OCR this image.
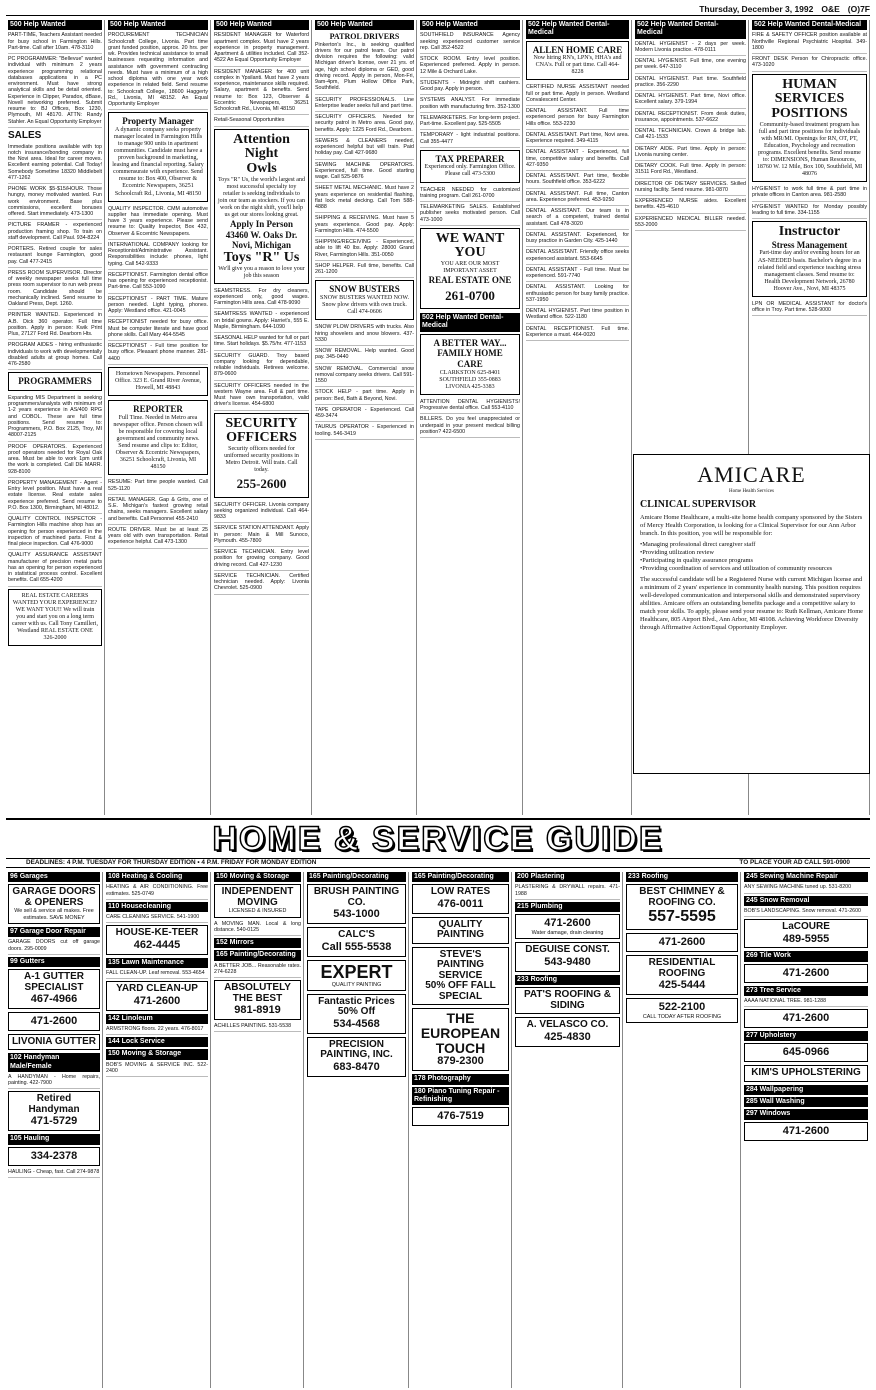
Thursday, December 3, 1992 O&E (O)7F
500 Help Wanted
PART-TIME, Teachers Assistant needed for busy school in Farmington Hills. Part-time. Call after 10am. 478-3110
PC PROGRAMMER: "Bellevue" wanted individual with minimum 2 years experience programming relational databases applications in a PC environment. Must have strong analytical skills and be detail oriented. Experience in Clipper, Paradox, dBase, Novell networking preferred. Submit resume to: BJ Offices, Box 1230, Plymouth, MI 48170. ATTN: Randy Stahler. An Equal Opportunity Employer
SALES
Immediate positions available with top notch insurance/bonding company in the Novi area. Ideal for career moves. Excellent earning potential. Call Today! Somebody Sometime 18320 Middlebelt 477-1262
PHONE WORK $5-$15/HOUR. Those hungry, money motivated wanted. Fun work environment. Base plus commissions, excellent bonuses offered. Start immediately. 473-1300
PICTURE FRAMER - experienced production framing shop. To train on staff development. Call Paul. 934-8224
PORTERS. Retired couple for sales restaurant lounge Farmington, good pay. Call 477-2415
PRESS ROOM SUPERVISOR. Director of weekly newspaper seeks full time press room supervisor to run web press room. Candidate should be mechanically inclined. Send resume to Oakland Press, Dept. 1260.
PRINTER WANTED. Experienced in A.B. Dick 360 operator. Full time position. Apply in person: Kwik Print Plus, 27127 Ford Rd. Dearborn Hts.
PROGRAM AIDES - hiring enthusiastic individuals to work with developmentally disabled adults at group homes. Call 476-2580
PROGRAMMERS
Expanding MIS Department is seeking programmers/analysts with minimum of 1-2 years experience in AS/400 RPG and COBOL. These are full time positions. Send resume to: Programmers, P.O. Box 2125, Troy, MI 48007-2125
PROOF OPERATORS. Experienced proof operators needed for Royal Oak area. Must be able to work 1pm until the work is completed. Call DE MARR. 928-8100
PROPERTY MANAGEMENT - Agent - Entry level position. Must have a real estate license. Real estate sales experience preferred. Send resume to P.O. Box 1300, Birmingham, MI 48012.
QUALITY CONTROL INSPECTOR - Farmington Hills machine shop has an opening for person experienced in the inspection of machined parts. First & final piece inspection. Call 476-9000
QUALITY ASSURANCE ASSISTANT manufacturer of precision metal parts has an opening for person experienced in statistical process control. Excellent benefits. Call 655-4200
REAL ESTATE CAREERS WANTED YOUR EXPERIENCE? WE WANT YOU!! We will train you and start you on a long term career with us. Call Tony Camilleri, Westland REAL ESTATE ONE 326-2000
500 Help Wanted
PROCUREMENT TECHNICIAN Schoolcraft College, Livonia. Part time grant funded position, approx. 20 hrs. per wk. Provides technical assistance to small businesses requesting information and assistance with government contracting needs. Must have a minimum of a high school diploma with one year work experience in related field. Send resume to: Schoolcraft College, 18600 Haggerty Rd., Livonia, MI 48152. An Equal Opportunity Employer
Property Manager
A dynamic company seeks property manager located in Farmington Hills to manage 900 units in apartment communities. Candidate must have a proven background in marketing, leasing and financial reporting. Salary commensurate with experience. Send resume to: Box 400, Observer & Eccentric Newspapers, 36251 Schoolcraft Rd., Livonia, MI 48150
QUALITY INSPECTOR. CMM automotive supplier has immediate opening. Must have 3 years experience. Please send resume to: Quality Inspector, Box 432, Observer & Eccentric Newspapers.
INTERNATIONAL COMPANY looking for Receptionist/Administrative Assistant. Responsibilities include: phones, light typing. Call 542-9333
RECEPTIONIST. Farmington dental office has opening for experienced receptionist. Part-time. Call 553-1090
RECEPTIONIST - PART TIME. Mature person needed. Light typing, phones. Apply: Westland office. 421-0045
RECEPTIONIST needed for busy office. Must be computer literate and have good phone skills. Call Mary 464-5545
RECEPTIONIST - Full time position for busy office. Pleasant phone manner. 281-4400
Hometown Newspapers. Personnel Office. 323 E. Grand River Avenue, Howell, MI 48843
REPORTER
Full Time. Needed in Metro area newspaper office. Person chosen will be responsible for covering local government and community news. Send resume and clips to: Editor, Observer & Eccentric Newspapers, 36251 Schoolcraft, Livonia, MI 48150
RESUME: Part time people wanted. Call 525-1120
RETAIL MANAGER. Gap & Grits, one of S.E. Michigan's fastest growing retail chains, seeks managers. Excellent salary and benefits. Call Personnel 455-2410
ROUTE DRIVER. Must be at least 25 years old with own transportation. Retail experience helpful. Call 473-1300
500 Help Wanted
RESIDENT MANAGER for Waterford apartment complex. Must have 2 years experience in property management. Apartment & utilities included. Call 352-4522 An Equal Opportunity Employer
RESIDENT MANAGER for 400 unit complex in Ypsilanti. Must have 2 years experience, maintenance skills required. Salary, apartment & benefits. Send resume to: Box 123, Observer & Eccentric Newspapers, 36251 Schoolcraft Rd., Livonia, MI 48150
Retail-Seasonal Opportunities
Attention
Night
Owls
Toys "R" Us, the world's largest and most successful specialty toy retailer is seeking individuals to join our team as stockers. If you can work on the night shift, you'll help us get our stores looking great.
Apply In Person
43460 W. Oaks Dr.
Novi, Michigan
Toys "R" Us
We'll give you a reason to love your job this season
SEAMSTRESS. For dry cleaners, experienced only, good wages. Farmington Hills area. Call 478-9090
SEAMTRESS WANTED - experienced on bridal gowns. Apply: Harriet's, 555 E. Maple, Birmingham. 644-1090
SEASONAL HELP wanted for full or part time. Start holidays. $5.75/hr. 477-1153
SECURITY GUARD. Troy based company looking for dependable, reliable individuals. Retirees welcome. 879-0600
SECURITY OFFICERS needed in the western Wayne area. Full & part time. Must have own transportation, valid driver's license. 454-6800
SECURITY OFFICERS
Security officers needed for uniformed security positions in Metro Detroit. Will train. Call today.
255-2600
SECURITY OFFICER. Livonia company seeking organized individual. Call 464-9833
SERVICE STATION ATTENDANT. Apply in person: Main & Mill Sunoco, Plymouth. 455-7800
SERVICE TECHNICIAN. Entry level position for growing company. Good driving record. Call 427-1230
SERVICE TECHNICIAN. Certified technician needed. Apply: Livonia Chevrolet. 525-0900
500 Help Wanted
PATROL DRIVERS
Pinkerton's Inc., is seeking qualified drivers for our patrol team. Our patrol division requires the following: valid Michigan driver's license, over 21 yrs. of age, high school diploma or GED, good driving record. Apply in person, Mon-Fri, 9am-4pm, Plum Hollow Office Park, Southfield.
SECURITY PROFESSIONALS. Line Enterprise leader seeks full and part time.
SECURITY OFFICERS. Needed for security patrol in Metro area. Good pay, benefits. Apply: 1225 Ford Rd., Dearborn.
SEWERS & CLEANERS needed, experienced helpful but will train. Paid holiday pay. Call 427-9680
SEWING MACHINE OPERATORS. Experienced, full time. Good starting wage. Call 525-9876
SHEET METAL MECHANIC. Must have 2 years experience on residential flashing, flat lock metal decking. Call Tom 588-4888
SHIPPING & RECEIVING. Must have 5 years experience. Good pay. Apply: Farmington Hills. 474-5500
SHIPPING/RECEIVING - Experienced, able to lift 40 lbs. Apply: 28000 Grand River, Farmington Hills. 351-0050
SHOP HELPER. Full time, benefits. Call 261-1200
SNOW BUSTERS
SNOW BUSTERS WANTED NOW. Snow plow drivers with own truck. Call 474-0606
SNOW PLOW DRIVERS with trucks. Also hiring shovelers and snow blowers. 437-5330
SNOW REMOVAL. Help wanted. Good pay. 345-0440
SNOW REMOVAL. Commercial snow removal company seeks drivers. Call 591-1550
STOCK HELP - part time. Apply in person: Bed, Bath & Beyond, Novi.
TAPE OPERATOR - Experienced. Call 459-3474
TAURUS OPERATOR - Experienced in tooling. 546-3419
500 Help Wanted
SOUTHFIELD INSURANCE Agency seeking experienced customer service rep. Call 352-4522
STOCK ROOM. Entry level position. Experienced preferred. Apply in person. 12 Mile & Orchard Lake.
STUDENTS - Midnight shift cashiers. Good pay. Apply in person.
SYSTEMS ANALYST. For immediate position with manufacturing firm. 352-1300
TELEMARKETERS. For long-term project. Part-time. Excellent pay. 525-5505
TEMPORARY - light industrial positions. Call 355-4477
TAX PREPARER
Experienced only. Farmington Office. Please call 473-5300
TEACHER NEEDED for customized training program. Call 261-0700
TELEMARKETING SALES. Established publisher seeks motivated person. Call 473-1000
WE WANT YOU
YOU ARE OUR MOST IMPORTANT ASSET
REAL ESTATE ONE
261-0700
502 Help Wanted Dental-Medical
A BETTER WAY... FAMILY HOME CARE
CLARKSTON 625-8401
SOUTHFIELD 355-0883
LIVONIA 425-3383
ATTENTION DENTAL HYGIENISTS! Progressive dental office. Call 553-4110
BILLERS. Do you feel unappreciated or underpaid in your present medical billing position? 422-6500
502 Help Wanted Dental-Medical
ALLEN HOME CARE
Now hiring RN's, LPN's, HHA's and CNA's. Full or part time. Call 464-8228
CERTIFIED NURSE ASSISTANT needed full or part time. Apply in person. Westland Convalescent Center.
DENTAL ASSISTANT. Full time experienced person for busy Farmington Hills office. 553-2230
DENTAL ASSISTANT. Part time, Novi area. Experience required. 349-4115
DENTAL ASSISTANT - Experienced, full time, competitive salary and benefits. Call 427-9350
DENTAL ASSISTANT. Part time, flexible hours. Southfield office. 353-6222
DENTAL ASSISTANT. Full time, Canton area. Experience preferred. 453-9250
DENTAL ASSISTANT. Our team is in search of a competent, trained dental assistant. Call 478-3020
DENTAL ASSISTANT. Experienced, for busy practice in Garden City. 425-1440
DENTAL ASSISTANT. Friendly office seeks experienced assistant. 553-6645
DENTAL ASSISTANT - Full time. Must be experienced. 591-7740
DENTAL ASSISTANT. Looking for enthusiastic person for busy family practice. 537-1950
DENTAL HYGIENIST. Part time position in Westland office. 522-1180
DENTAL RECEPTIONIST. Full time. Experience a must. 464-0020
502 Help Wanted Dental-Medical
DENTAL HYGIENIST - 2 days per week. Modern Livonia practice. 478-0111
DENTAL HYGIENIST. Full time, one evening per week. 647-3110
DENTAL HYGIENIST. Part time. Southfield practice. 356-2290
DENTAL HYGIENIST. Part time, Novi office. Excellent salary. 379-1994
DENTAL RECEPTIONIST. From desk duties, insurance, appointments. 537-6622
DENTAL TECHNICIAN. Crown & bridge lab. Call 421-1533
DIETARY AIDE. Part time. Apply in person: Livonia nursing center.
DIETARY COOK. Full time. Apply in person: 31511 Ford Rd., Westland.
DIRECTOR OF DIETARY SERVICES. Skilled nursing facility. Send resume. 981-0870
EXPERIENCED NURSE aides. Excellent benefits. 425-4610
EXPERIENCED MEDICAL BILLER needed. 553-2000
502 Help Wanted Dental-Medical
FIRE & SAFETY OFFICER position available at Northville Regional Psychiatric Hospital. 349-1800
FRONT DESK Person for Chiropractic office. 473-1020
HUMAN
SERVICES
POSITIONS
Community-based treatment program has full and part time positions for individuals with MR/MI. Openings for RN, OT, PT, Education, Psychology and recreation programs. Excellent benefits. Send resume to: DIMENSIONS, Human Resources, 18760 W. 12 Mile, Box 100, Southfield, MI 48076
HYGIENIST to work full time & part time in private offices in Canton area. 981-2580
HYGIENIST WANTED for Monday possibly leading to full time. 334-1155
Instructor
Stress Management
Part-time day and/or evening hours for an AS-NEEDED basis. Bachelor's degree in a related field and experience teaching stress management classes. Send resume to: Health Development Network, 26780 Hoover Ave., Novi, MI 48375
LPN OR MEDICAL ASSISTANT for doctor's office in Troy. Part time. 528-9000
AMICARE
Home Health Services
CLINICAL SUPERVISOR
Amicare Home Healthcare, a multi-site home health company sponsored by the Sisters of Mercy Health Corporation, is looking for a Clinical Supervisor for our Ann Arbor branch. In this position, you will be responsible for:
• Managing professional direct caregiver staff
• Providing utilization review
• Participating in quality assurance programs
• Providing coordination of services and utilization of community resources
The successful candidate will be a Registered Nurse with current Michigan license and a minimum of 2 years' experience in community health nursing. This position requires well-developed communication and interpersonal skills and demonstrated supervisory abilities. Amicare offers an outstanding benefits package and a competitive salary to match your skills. To apply, please send your resume to: Ruth Kellman, Amicare Home Healthcare, 805 Airport Blvd., Ann Arbor, MI 48108. Achieving Workforce Diversity through Affirmative Action/Equal Opportunity Employer.
HOME & SERVICE GUIDE
DEADLINES: 4 P.M. TUESDAY FOR THURSDAY EDITION • 4 P.M. FRIDAY FOR MONDAY EDITION	TO PLACE YOUR AD CALL 591-0900
96 Garages
GARAGE DOORS & OPENERS
We sell & service all makes. Free estimates. SAVE MONEY
97 Garage Door Repair
GARAGE DOORS cut off garage doors. 295-0009
99 Gutters
A-1 GUTTER SPECIALIST
467-4966
471-2600
LIVONIA GUTTER
102 Handyman Male/Female
A HANDYMAN - Home repairs, painting. 422-7900
Retired Handyman
471-5729
105 Hauling
334-2378
HAULING - Cheap, fast. Call 274-9878
108 Heating & Cooling
HEATING & AIR CONDITIONING. Free estimates. 525-0749
110 Housecleaning
CARE CLEANING SERVICE. 541-1900
HOUSE-KE-TEER
462-4445
135 Lawn Maintenance
FALL CLEAN-UP. Leaf removal. 553-4654
YARD CLEAN-UP
471-2600
142 Linoleum
ARMSTRONG floors. 22 years. 476-8017
144 Lock Service
150 Moving & Storage
BOB'S MOVING & SERVICE INC. 522-2400
150 Moving & Storage
INDEPENDENT MOVING
LICENSED & INSURED
A MOVING MAN. Local & long distance. 540-0125
152 Mirrors
165 Painting/Decorating
A BETTER JOB... Reasonable rates. 274-6228
ABSOLUTELY THE BEST
981-8919
ACHILLES PAINTING. 531-5538
165 Painting/Decorating
BRUSH PAINTING CO.
543-1000
CALC'S
Call 555-5538
EXPERT
QUALITY PAINTING
Fantastic Prices 50% Off
534-4568
PRECISION PAINTING, INC.
683-8470
165 Painting/Decorating
LOW RATES
476-0011
QUALITY PAINTING
STEVE'S PAINTING SERVICE
50% OFF FALL SPECIAL
THE EUROPEAN TOUCH
879-2300
178 Photography
180 Piano Tuning Repair - Refinishing
476-7519
200 Plastering
PLASTERING & DRYWALL repairs. 471-1988
215 Plumbing
471-2600
Water damage, drain cleaning
DEGUISE CONST.
543-9480
233 Roofing
PAT'S ROOFING & SIDING
A. VELASCO CO.
425-4830
233 Roofing
BEST CHIMNEY & ROOFING CO.
557-5595
471-2600
RESIDENTIAL ROOFING
425-5444
522-2100
CALL TODAY AFTER ROOFING
245 Sewing Machine Repair
ANY SEWING MACHINE tuned up. 531-8200
245 Snow Removal
BOB'S LANDSCAPING. Snow removal. 471-2600
LaCOURE
489-5955
269 Tile Work
471-2600
273 Tree Service
AAAA NATIONAL TREE. 981-1288
471-2600
277 Upholstery
645-0966
KIM'S UPHOLSTERING
284 Wallpapering
285 Wall Washing
297 Windows
471-2600
